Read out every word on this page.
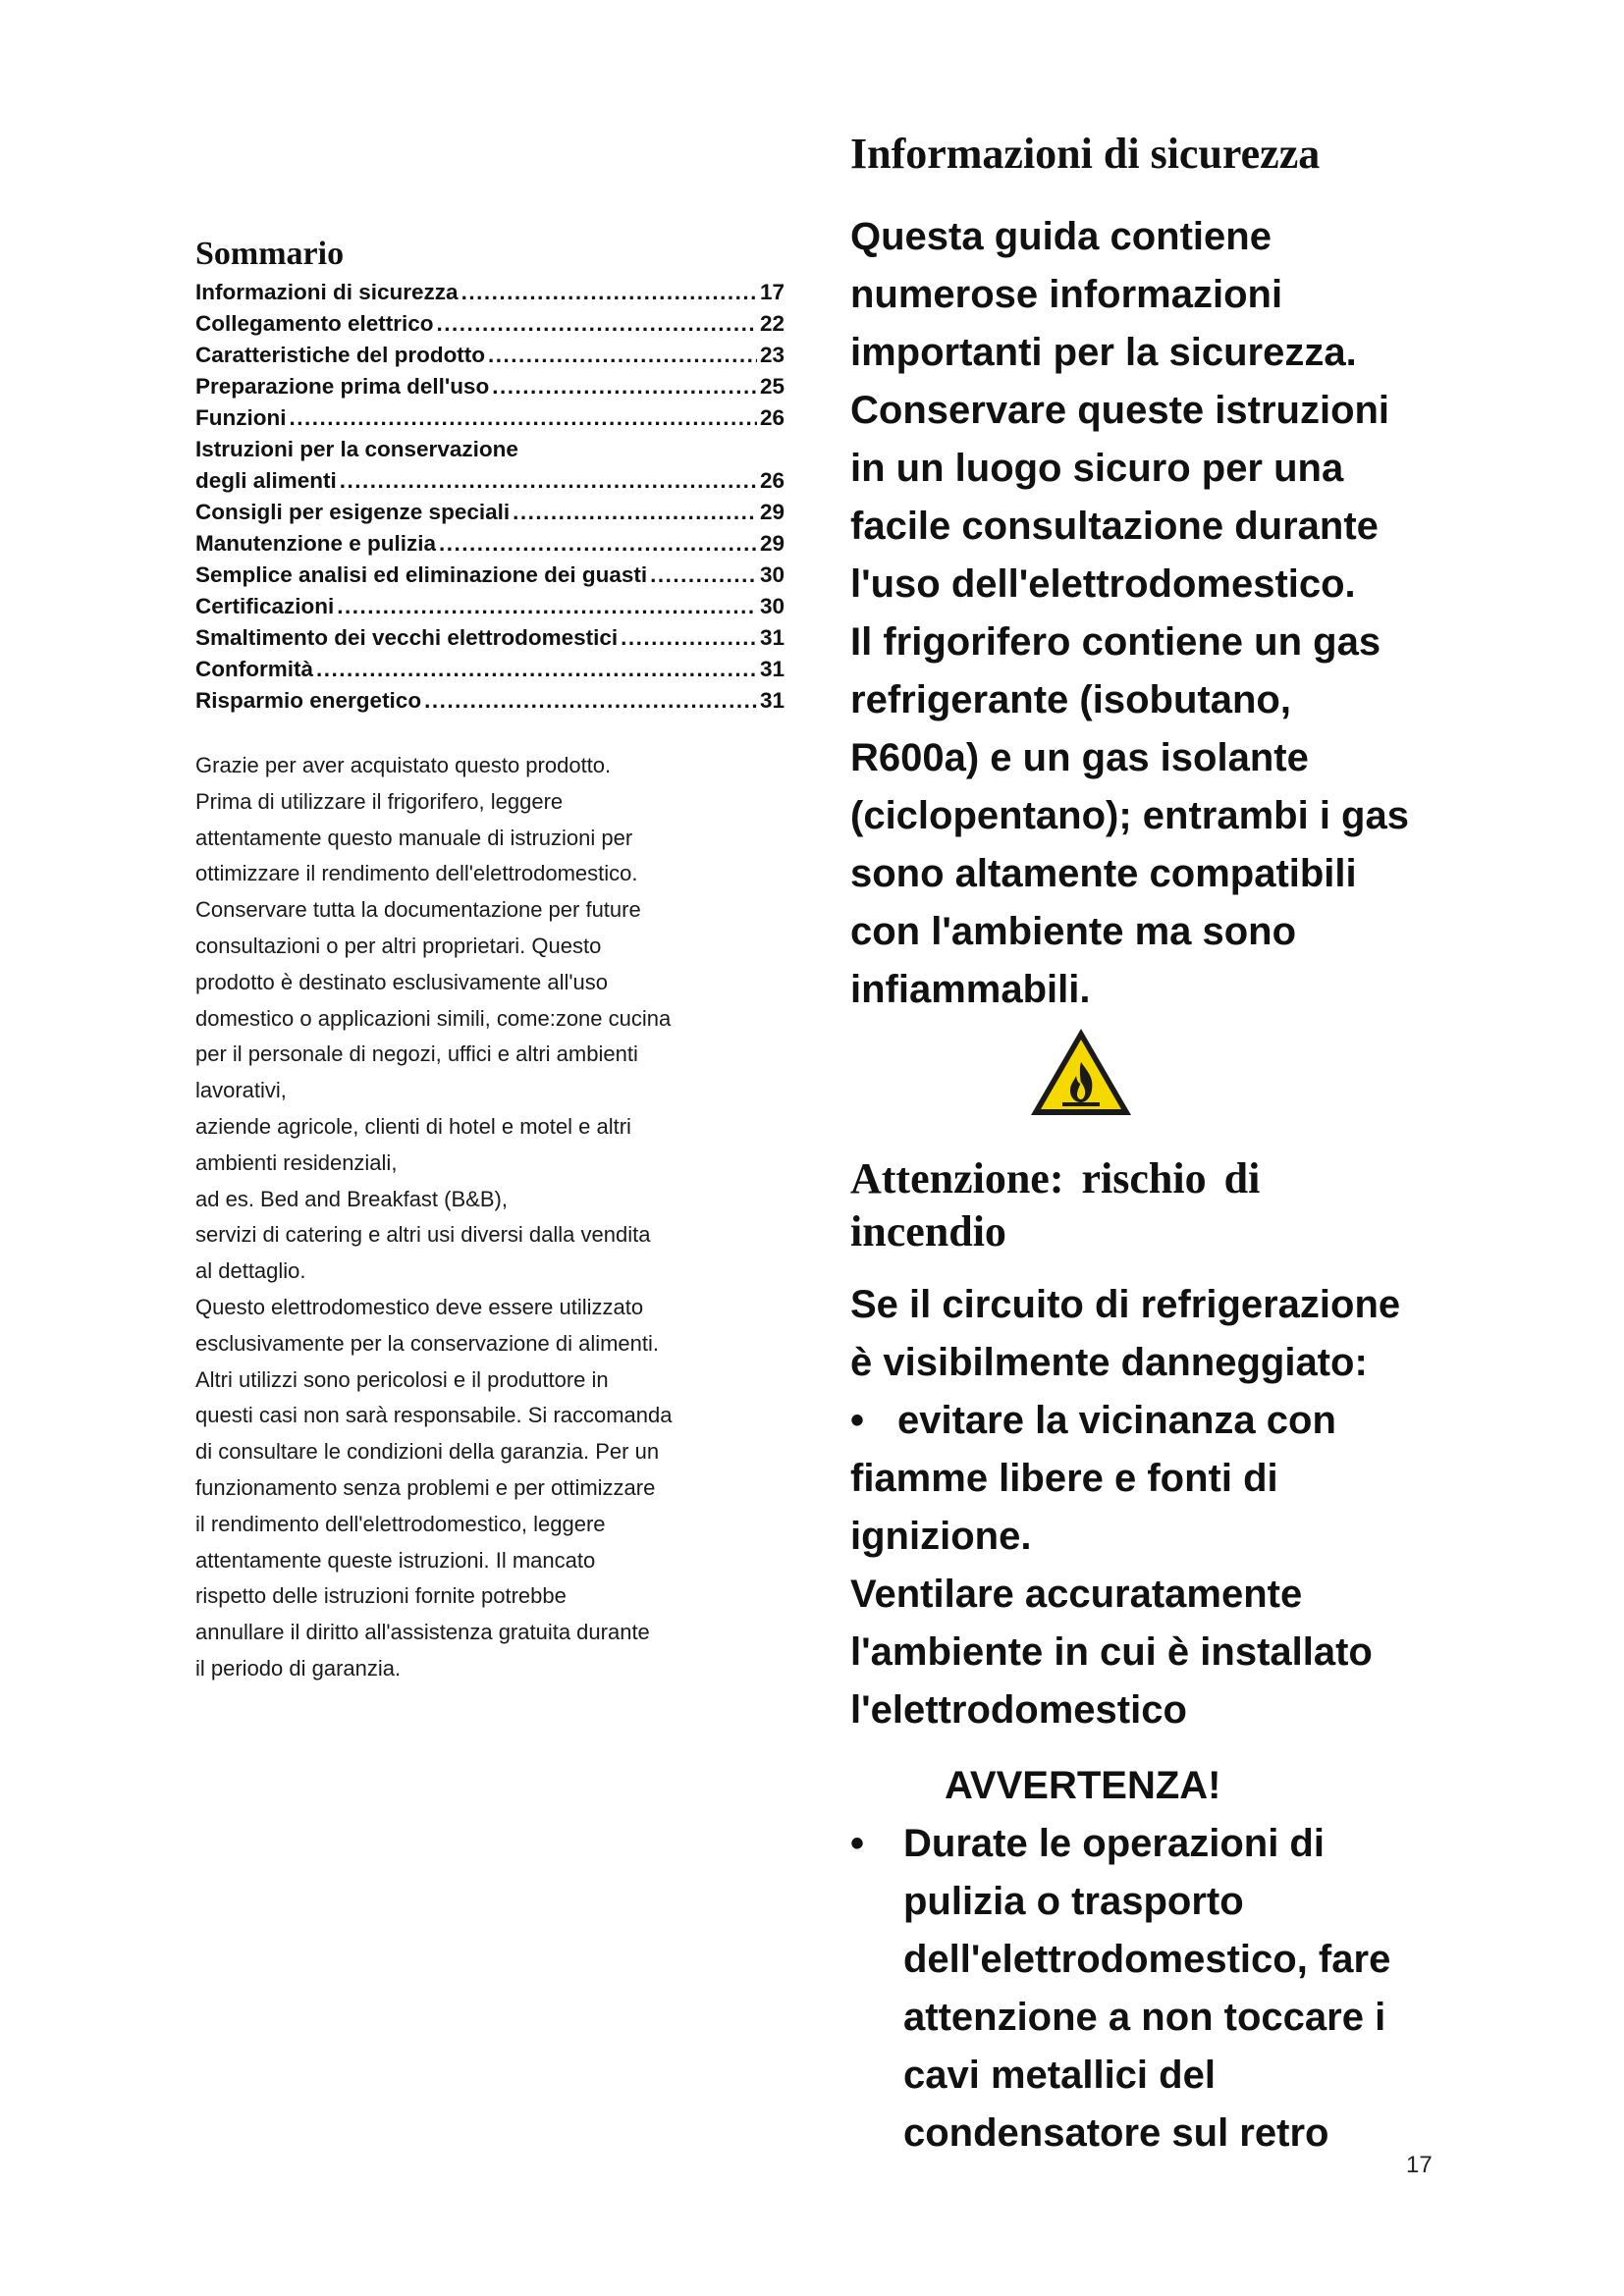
Sommario
Informazioni di sicurezza .....	17
Collegamento elettrico .....	22
Caratteristiche del prodotto .....	23
Preparazione prima dell'uso .....	25
Funzioni .....	26
Istruzioni per la conservazione
degli alimenti .....	26
Consigli per esigenze speciali .....	29
Manutenzione e pulizia .....	29
Semplice analisi ed eliminazione dei guasti .....	30
Certificazioni .....	30
Smaltimento dei vecchi elettrodomestici .....	31
Conformità .....	31
Risparmio energetico .....	31
Grazie per aver acquistato questo prodotto.
Prima di utilizzare il frigorifero, leggere
attentamente questo manuale di istruzioni per
ottimizzare il rendimento dell'elettrodomestico.
Conservare tutta la documentazione per future
consultazioni o per altri proprietari. Questo
prodotto è destinato esclusivamente all'uso
domestico o applicazioni simili, come:zone cucina
per il personale di negozi, uffici e altri ambienti
lavorativi,
aziende agricole, clienti di hotel e motel e altri
ambienti residenziali,
ad es. Bed and Breakfast (B&B),
servizi di catering e altri usi diversi dalla vendita
al dettaglio.
Questo elettrodomestico deve essere utilizzato
esclusivamente per la conservazione di alimenti.
Altri utilizzi sono pericolosi e il produttore in
questi casi non sarà responsabile. Si raccomanda
di consultare le condizioni della garanzia. Per un
funzionamento senza problemi e per ottimizzare
il rendimento dell'elettrodomestico, leggere
attentamente queste istruzioni. Il mancato
rispetto delle istruzioni fornite potrebbe
annullare il diritto all'assistenza gratuita durante
il periodo di garanzia.
Informazioni di sicurezza
Questa guida contiene
numerose informazioni
importanti per la sicurezza.
Conservare queste istruzioni
in un luogo sicuro per una
facile consultazione durante
l'uso dell'elettrodomestico.
Il frigorifero contiene un gas
refrigerante (isobutano,
R600a) e un gas isolante
(ciclopentano); entrambi i gas
sono altamente compatibili
con l'ambiente ma sono
infiammabili.
Attenzione: rischio di
incendio
Se il circuito di refrigerazione
è visibilmente danneggiato:
• evitare la vicinanza con
fiamme libere e fonti di
ignizione.
Ventilare accuratamente
l'ambiente in cui è installato
l'elettrodomestico
AVVERTENZA!
• Durate le operazioni di
pulizia o trasporto
dell'elettrodomestico, fare
attenzione a non toccare i
cavi metallici del
condensatore sul retro
17
